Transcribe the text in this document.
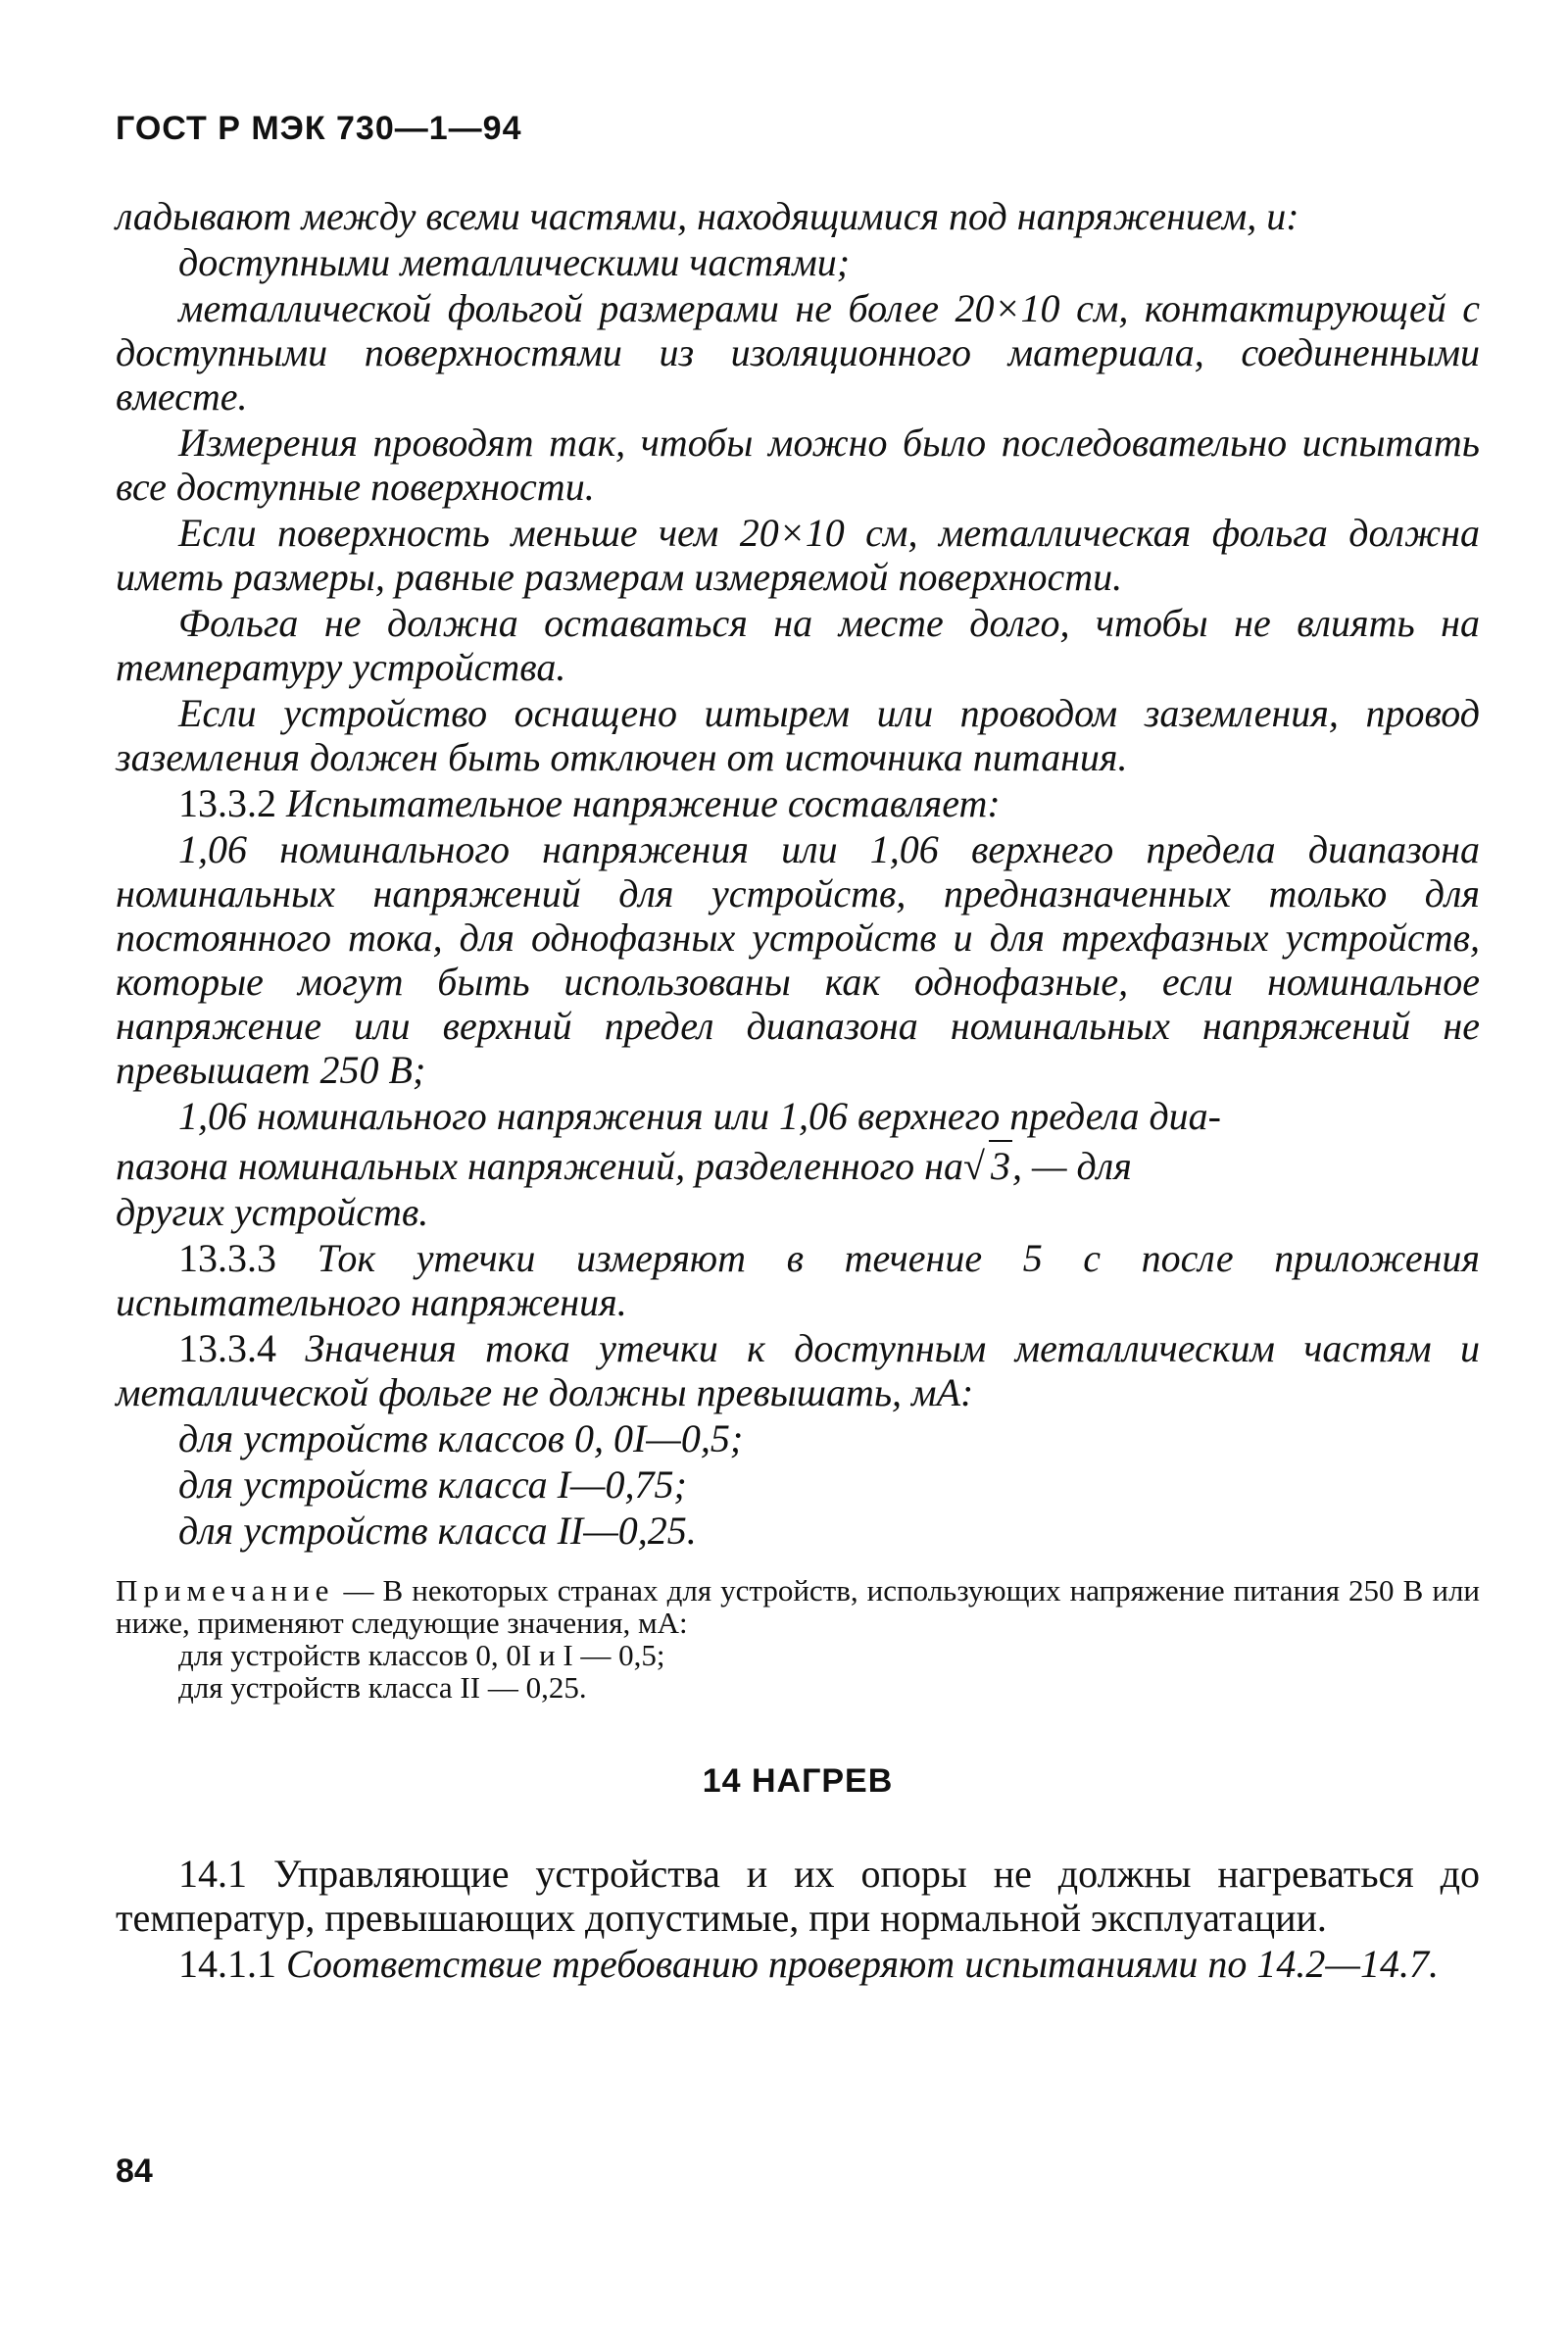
ГОСТ Р МЭК 730—1—94

ладывают между всеми частями, находящимися под напряжением, и:

доступными металлическими частями;

металлической фольгой размерами не более 20×10 см, контактирующей с доступными поверхностями из изоляционного материала, соединенными вместе.

Измерения проводят так, чтобы можно было последовательно испытать все доступные поверхности.

Если поверхность меньше чем 20×10 см, металлическая фольга должна иметь размеры, равные размерам измеряемой поверхности.

Фольга не должна оставаться на месте долго, чтобы не влиять на температуру устройства.

Если устройство оснащено штырем или проводом заземления, провод заземления должен быть отключен от источника питания.

13.3.2 Испытательное напряжение составляет:

1,06 номинального напряжения или 1,06 верхнего предела диапазона номинальных напряжений для устройств, предназначенных только для постоянного тока, для однофазных устройств и для трехфазных устройств, которые могут быть использованы как однофазные, если номинальное напряжение или верхний предел диапазона номинальных напряжений не превышает 250 В;

1,06 номинального напряжения или 1,06 верхнего предела диа-

пазона номинальных напряжений, разделенного на√ 3, — для

других устройств.

13.3.3 Ток утечки измеряют в течение 5 с после приложения испытательного напряжения.

13.3.4 Значения тока утечки к доступным металлическим частям и металлической фольге не должны превышать, мА:

для устройств классов 0, 0I—0,5;

для устройств класса I—0,75;

для устройств класса II—0,25.

Примечание — В некоторых странах для устройств, использующих напряжение питания 250 В или ниже, применяют следующие значения, мА:
для устройств классов 0, 0I и I — 0,5;
для устройств класса II — 0,25.
14 НАГРЕВ

14.1 Управляющие устройства и их опоры не должны нагреваться до температур, превышающих допустимые, при нормальной эксплуатации.

14.1.1 Соответствие требованию проверяют испытаниями по 14.2—14.7.

84
